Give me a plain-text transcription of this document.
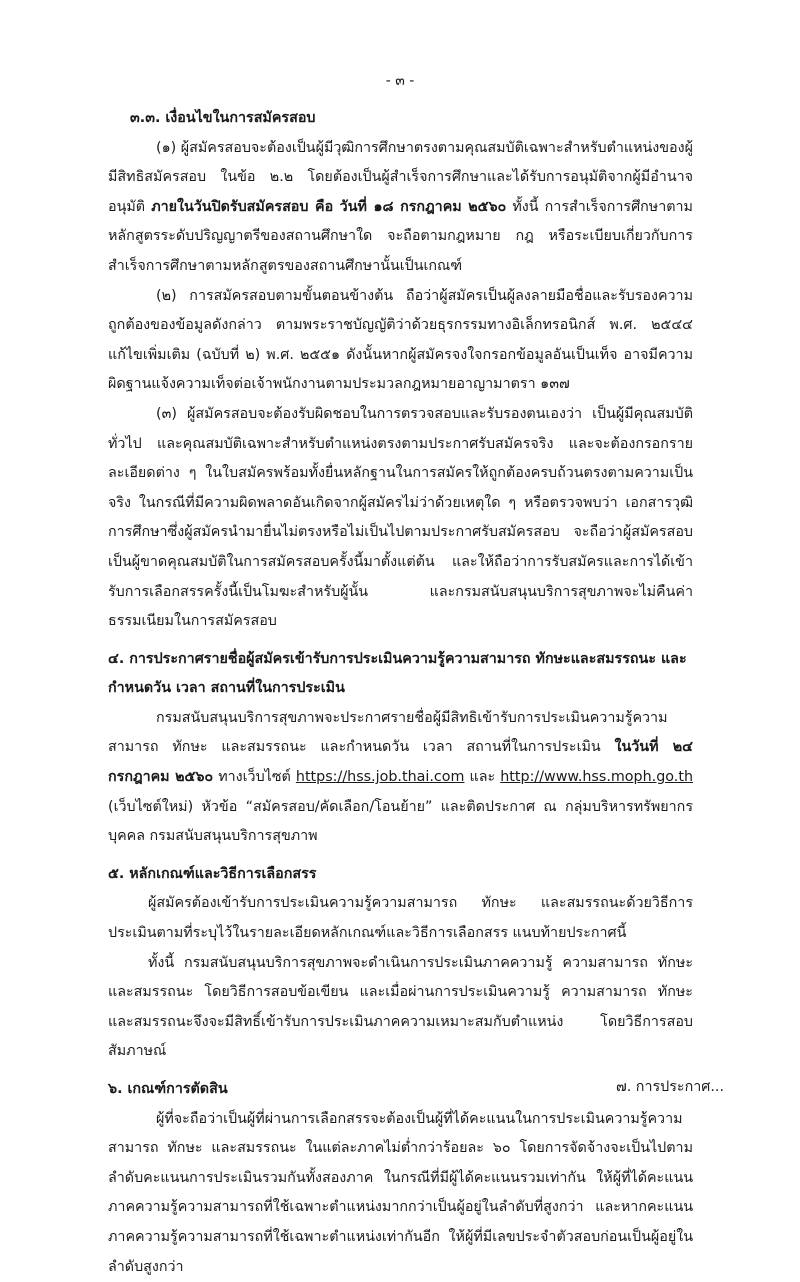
- ๓ -
๓.๓. เงื่อนไขในการสมัครสอบ

(๑) ผู้สมัครสอบจะต้องเป็นผู้มีวุฒิการศึกษาตรงตามคุณสมบัติเฉพาะสำหรับตำแหน่งของผู้มีสิทธิสมัครสอบ ในข้อ ๒.๒ โดยต้องเป็นผู้สำเร็จการศึกษาและได้รับการอนุมัติจากผู้มีอำนาจอนุมัติ ภายในวันปิดรับสมัครสอบ คือ วันที่ ๑๘ กรกฎาคม ๒๕๖๐ ทั้งนี้ การสำเร็จการศึกษาตามหลักสูตรระดับปริญญาตรีของสถานศึกษาใด จะถือตามกฎหมาย กฎ หรือระเบียบเกี่ยวกับการสำเร็จการศึกษาตามหลักสูตรของสถานศึกษานั้นเป็นเกณฑ์

(๒) การสมัครสอบตามขั้นตอนข้างต้น ถือว่าผู้สมัครเป็นผู้ลงลายมือชื่อและรับรองความถูกต้องของข้อมูลดังกล่าว ตามพระราชบัญญัติว่าด้วยธุรกรรมทางอิเล็กทรอนิกส์ พ.ศ. ๒๕๔๔ แก้ไขเพิ่มเติม (ฉบับที่ ๒) พ.ศ. ๒๕๕๑ ดังนั้นหากผู้สมัครจงใจกรอกข้อมูลอันเป็นเท็จ อาจมีความผิดฐานแจ้งความเท็จต่อเจ้าพนักงานตามประมวลกฎหมายอาญามาตรา ๑๓๗

(๓) ผู้สมัครสอบจะต้องรับผิดชอบในการตรวจสอบและรับรองตนเองว่า เป็นผู้มีคุณสมบัติทั่วไป และคุณสมบัติเฉพาะสำหรับตำแหน่งตรงตามประกาศรับสมัครจริง และจะต้องกรอกรายละเอียดต่าง ๆ ในใบสมัครพร้อมทั้งยื่นหลักฐานในการสมัครให้ถูกต้องครบถ้วนตรงตามความเป็นจริง ในกรณีที่มีความผิดพลาดอันเกิดจากผู้สมัครไม่ว่าด้วยเหตุใด ๆ หรือตรวจพบว่า เอกสารวุฒิการศึกษาซึ่งผู้สมัครนำมายื่นไม่ตรงหรือไม่เป็นไปตามประกาศรับสมัครสอบ จะถือว่าผู้สมัครสอบเป็นผู้ขาดคุณสมบัติในการสมัครสอบครั้งนี้มาตั้งแต่ต้น และให้ถือว่าการรับสมัครและการได้เข้ารับการเลือกสรรครั้งนี้เป็นโมฆะสำหรับผู้นั้น และกรมสนับสนุนบริการสุขภาพจะไม่คืนค่าธรรมเนียมในการสมัครสอบ

๔. การประกาศรายชื่อผู้สมัครเข้ารับการประเมินความรู้ความสามารถ ทักษะและสมรรถนะ และกำหนดวัน เวลา สถานที่ในการประเมิน

กรมสนับสนุนบริการสุขภาพจะประกาศรายชื่อผู้มีสิทธิเข้ารับการประเมินความรู้ความสามารถ ทักษะ และสมรรถนะ และกำหนดวัน เวลา สถานที่ในการประเมิน ในวันที่ ๒๔ กรกฎาคม ๒๕๖๐ ทางเว็บไซต์ https://hss.job.thai.com และ http://www.hss.moph.go.th (เว็บไซต์ใหม่) หัวข้อ “สมัครสอบ/คัดเลือก/โอนย้าย” และติดประกาศ ณ กลุ่มบริหารทรัพยากรบุคคล กรมสนับสนุนบริการสุขภาพ

๕. หลักเกณฑ์และวิธีการเลือกสรร

ผู้สมัครต้องเข้ารับการประเมินความรู้ความสามารถ ทักษะ และสมรรถนะด้วยวิธีการประเมินตามที่ระบุไว้ในรายละเอียดหลักเกณฑ์และวิธีการเลือกสรร แนบท้ายประกาศนี้

ทั้งนี้ กรมสนับสนุนบริการสุขภาพจะดำเนินการประเมินภาคความรู้ ความสามารถ ทักษะ และสมรรถนะ โดยวิธีการสอบข้อเขียน และเมื่อผ่านการประเมินความรู้ ความสามารถ ทักษะ และสมรรถนะจึงจะมีสิทธิ์เข้ารับการประเมินภาคความเหมาะสมกับตำแหน่ง โดยวิธีการสอบสัมภาษณ์

๖. เกณฑ์การตัดสิน

ผู้ที่จะถือว่าเป็นผู้ที่ผ่านการเลือกสรรจะต้องเป็นผู้ที่ได้คะแนนในการประเมินความรู้ความสามารถ ทักษะ และสมรรถนะ ในแต่ละภาคไม่ต่ำกว่าร้อยละ ๖๐ โดยการจัดจ้างจะเป็นไปตามลำดับคะแนนการประเมินรวมกันทั้งสองภาค ในกรณีที่มีผู้ได้คะแนนรวมเท่ากัน ให้ผู้ที่ได้คะแนนภาคความรู้ความสามารถที่ใช้เฉพาะตำแหน่งมากกว่าเป็นผู้อยู่ในลำดับที่สูงกว่า และหากคะแนนภาคความรู้ความสามารถที่ใช้เฉพาะตำแหน่งเท่ากันอีก ให้ผู้ที่มีเลขประจำตัวสอบก่อนเป็นผู้อยู่ในลำดับสูงกว่า

๗. การประกาศ...
